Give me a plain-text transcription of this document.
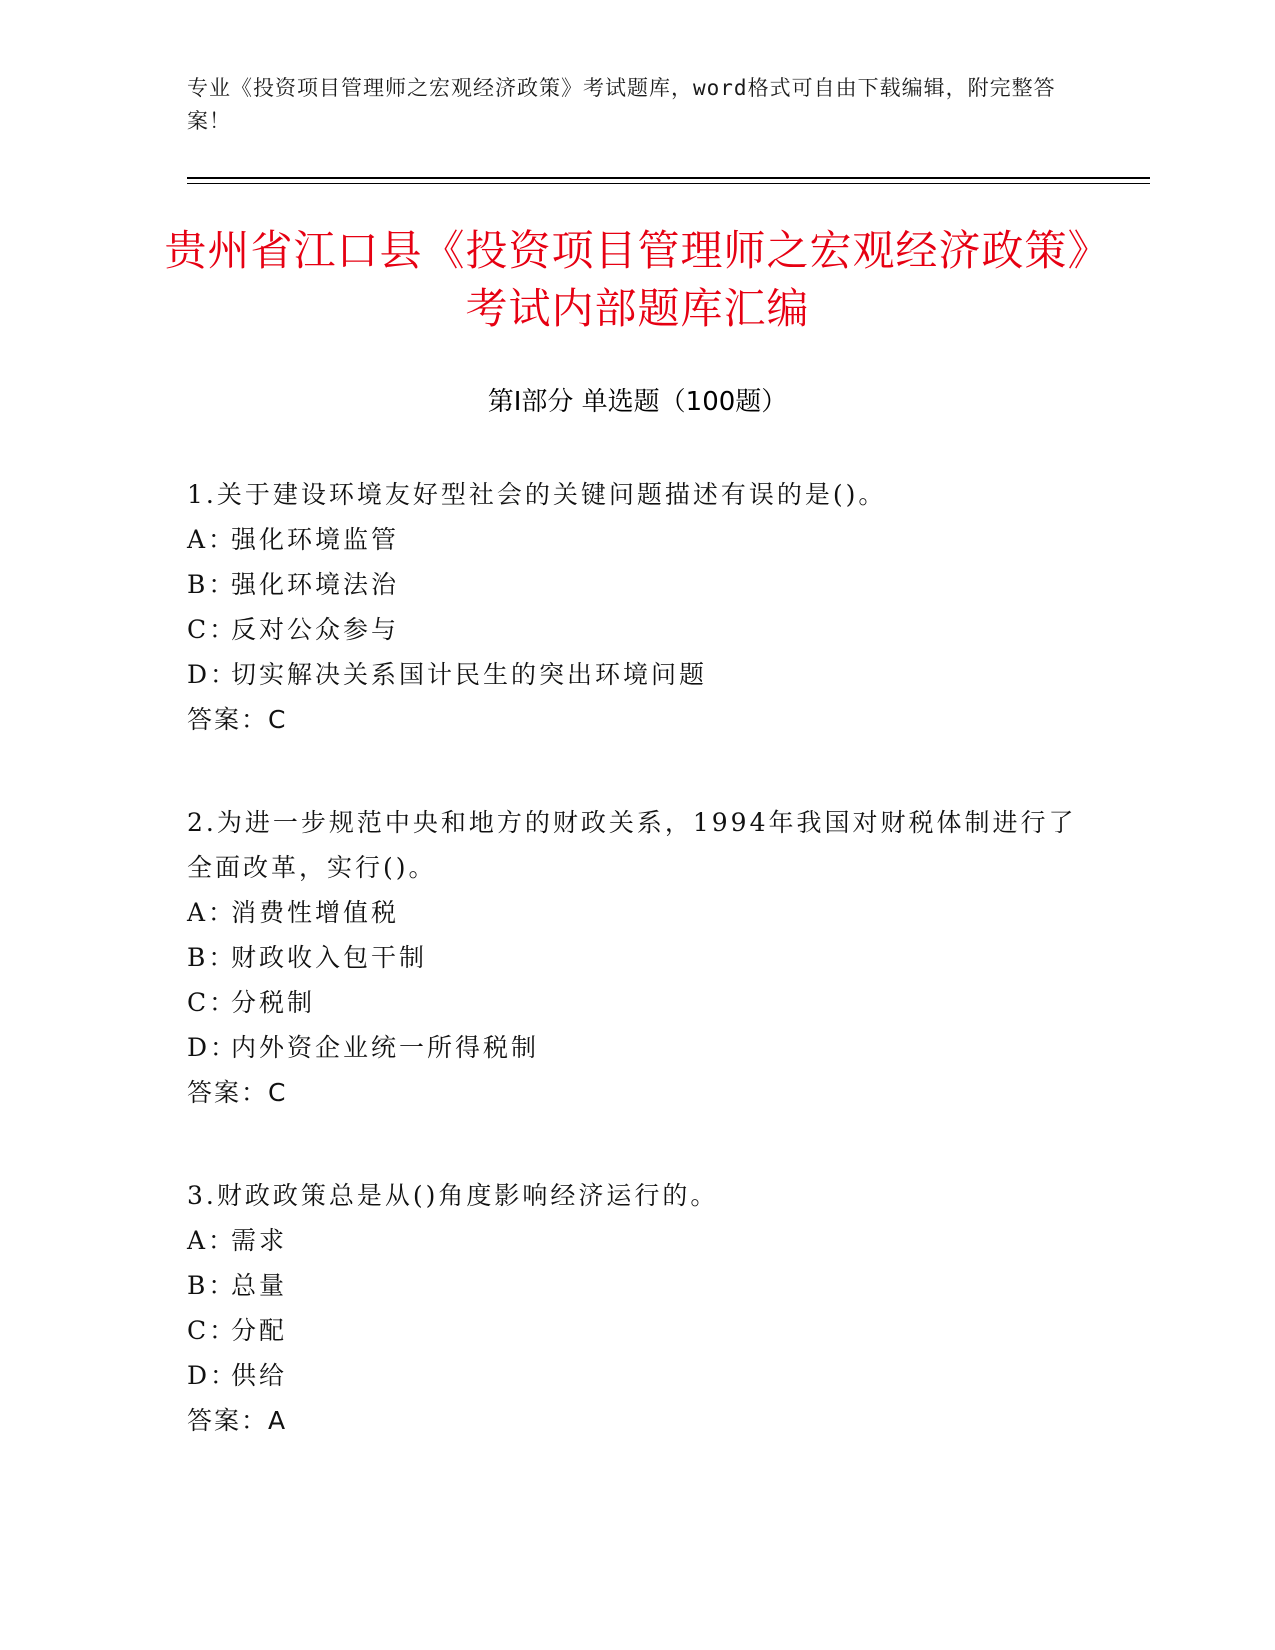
专业《投资项目管理师之宏观经济政策》考试题库，word格式可自由下载编辑，附完整答案！
贵州省江口县《投资项目管理师之宏观经济政策》考试内部题库汇编
第Ⅰ部分 单选题（100题）
1.关于建设环境友好型社会的关键问题描述有误的是()。
A：强化环境监管
B：强化环境法治
C：反对公众参与
D：切实解决关系国计民生的突出环境问题
答案：C
2.为进一步规范中央和地方的财政关系，1994年我国对财税体制进行了全面改革，实行()。
A：消费性增值税
B：财政收入包干制
C：分税制
D：内外资企业统一所得税制
答案：C
3.财政政策总是从()角度影响经济运行的。
A：需求
B：总量
C：分配
D：供给
答案：A
